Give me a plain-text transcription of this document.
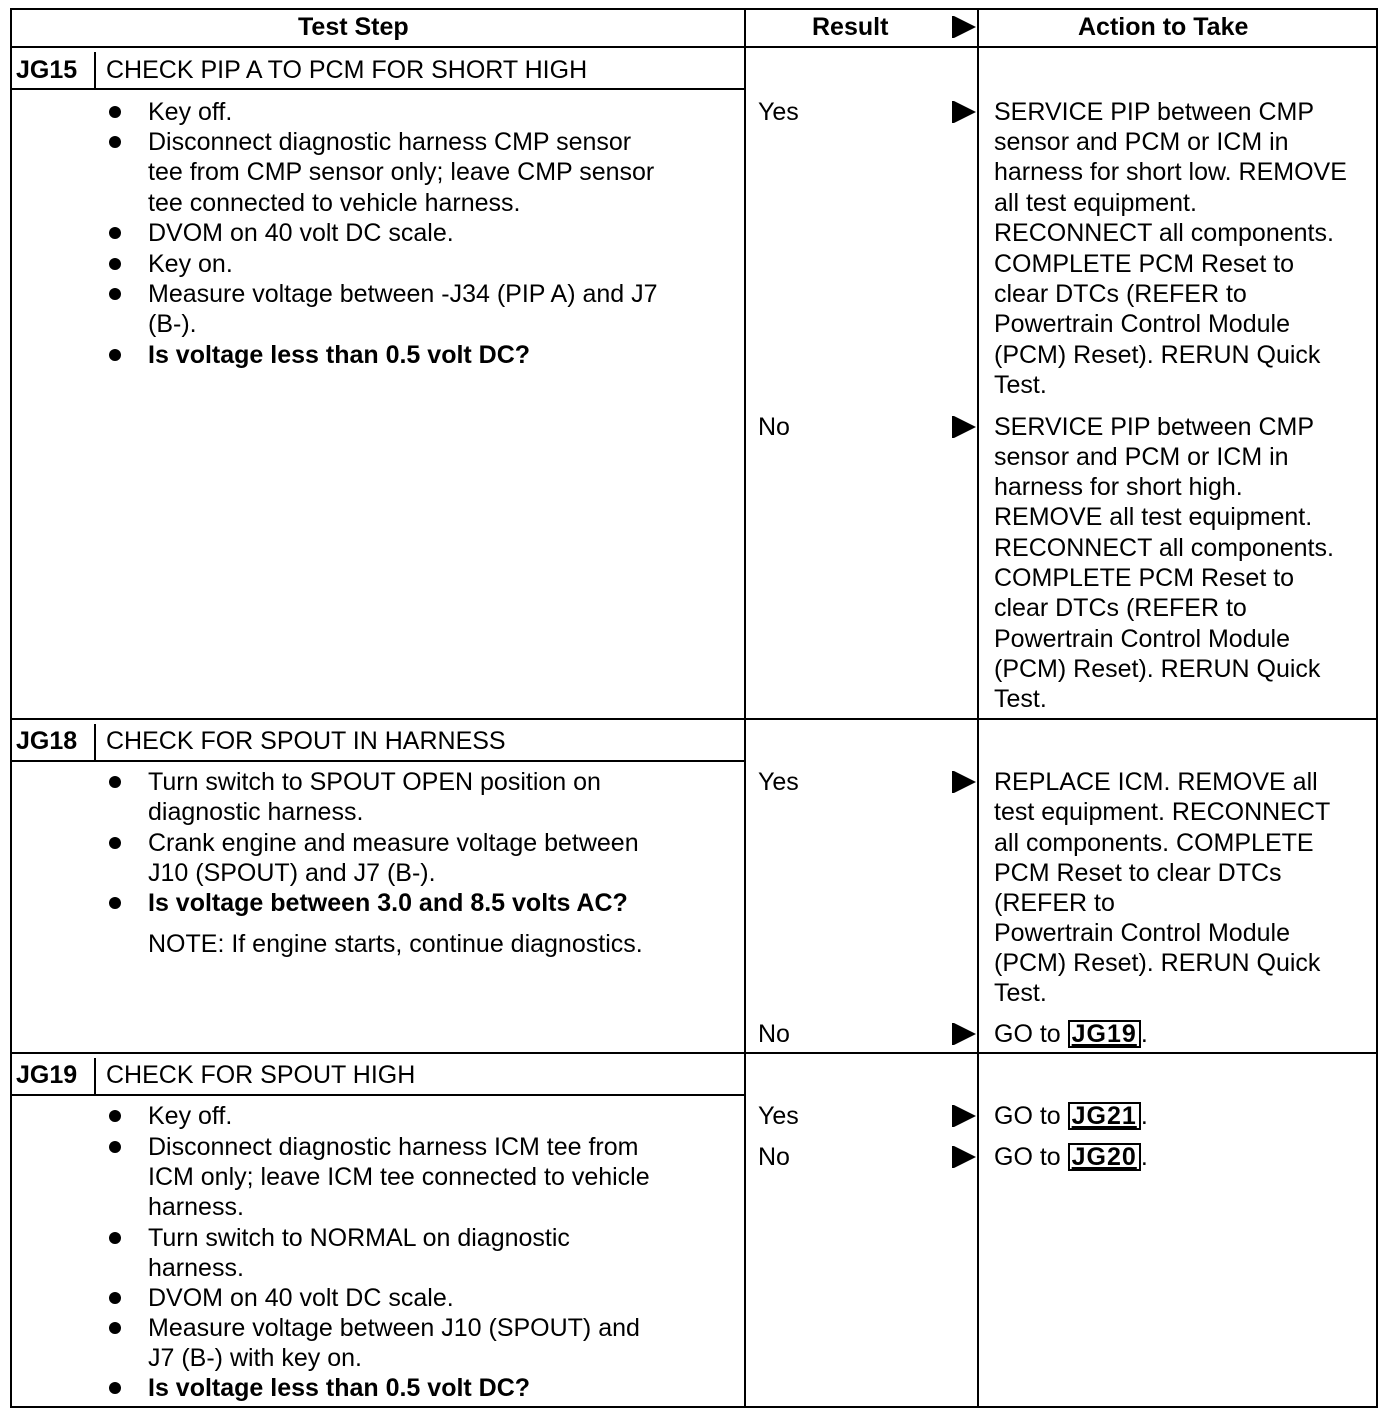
Test Step	Result	Action to Take
JG15 CHECK PIP A TO PCM FOR SHORT HIGH
Key off.
Disconnect diagnostic harness CMP sensor
tee from CMP sensor only; leave CMP sensor
tee connected to vehicle harness.
DVOM on 40 volt DC scale.
Key on.
Measure voltage between -J34 (PIP A) and J7
(B-).
Is voltage less than 0.5 volt DC?
Yes	SERVICE PIP between CMP
sensor and PCM or ICM in
harness for short low. REMOVE
all test equipment.
RECONNECT all components.
COMPLETE PCM Reset to
clear DTCs (REFER to
Powertrain Control Module
(PCM) Reset). RERUN Quick
Test.
No	SERVICE PIP between CMP
sensor and PCM or ICM in
harness for short high.
REMOVE all test equipment.
RECONNECT all components.
COMPLETE PCM Reset to
clear DTCs (REFER to
Powertrain Control Module
(PCM) Reset). RERUN Quick
Test.
JG18 CHECK FOR SPOUT IN HARNESS
Turn switch to SPOUT OPEN position on
diagnostic harness.
Crank engine and measure voltage between
J10 (SPOUT) and J7 (B-).
Is voltage between 3.0 and 8.5 volts AC?
NOTE: If engine starts, continue diagnostics.
Yes	REPLACE ICM. REMOVE all
test equipment. RECONNECT
all components. COMPLETE
PCM Reset to clear DTCs
(REFER to
Powertrain Control Module
(PCM) Reset). RERUN Quick
Test.
No	GO to JG19 .
JG19 CHECK FOR SPOUT HIGH
Key off.
Disconnect diagnostic harness ICM tee from
ICM only; leave ICM tee connected to vehicle
harness.
Turn switch to NORMAL on diagnostic
harness.
DVOM on 40 volt DC scale.
Measure voltage between J10 (SPOUT) and
J7 (B-) with key on.
Is voltage less than 0.5 volt DC?
Yes	GO to JG21 .
No	GO to JG20 .
